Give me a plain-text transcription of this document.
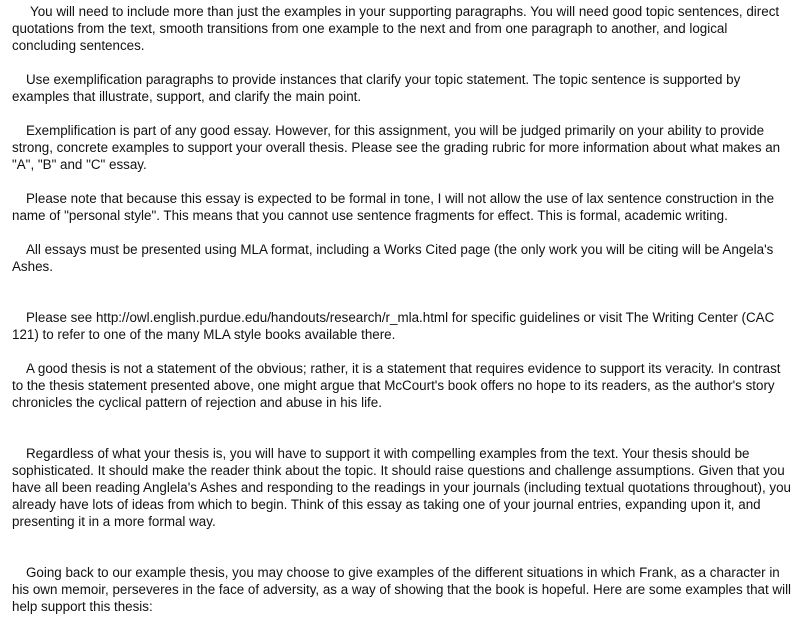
You will need to include more than just the examples in your supporting paragraphs. You will need good topic sentences, direct quotations from the text, smooth transitions from one example to the next and from one paragraph to another, and logical concluding sentences.

Use exemplification paragraphs to provide instances that clarify your topic statement. The topic sentence is supported by examples that illustrate, support, and clarify the main point.

Exemplification is part of any good essay. However, for this assignment, you will be judged primarily on your ability to provide strong, concrete examples to support your overall thesis. Please see the grading rubric for more information about what makes an "A", "B" and "C" essay.

Please note that because this essay is expected to be formal in tone, I will not allow the use of lax sentence construction in the name of "personal style". This means that you cannot use sentence fragments for effect. This is formal, academic writing.

All essays must be presented using MLA format, including a Works Cited page (the only work you will be citing will be Angela's Ashes.

Please see http://owl.english.purdue.edu/handouts/research/r_mla.html for specific guidelines or visit The Writing Center (CAC 121) to refer to one of the many MLA style books available there.

A good thesis is not a statement of the obvious; rather, it is a statement that requires evidence to support its veracity. In contrast to the thesis statement presented above, one might argue that McCourt's book offers no hope to its readers, as the author's story chronicles the cyclical pattern of rejection and abuse in his life.

Regardless of what your thesis is, you will have to support it with compelling examples from the text. Your thesis should be sophisticated. It should make the reader think about the topic. It should raise questions and challenge assumptions. Given that you have all been reading Anglela's Ashes and responding to the readings in your journals (including textual quotations throughout), you already have lots of ideas from which to begin. Think of this essay as taking one of your journal entries, expanding upon it, and presenting it in a more formal way.

Going back to our example thesis, you may choose to give examples of the different situations in which Frank, as a character in his own memoir, perseveres in the face of adversity, as a way of showing that the book is hopeful. Here are some examples that will help support this thesis:
